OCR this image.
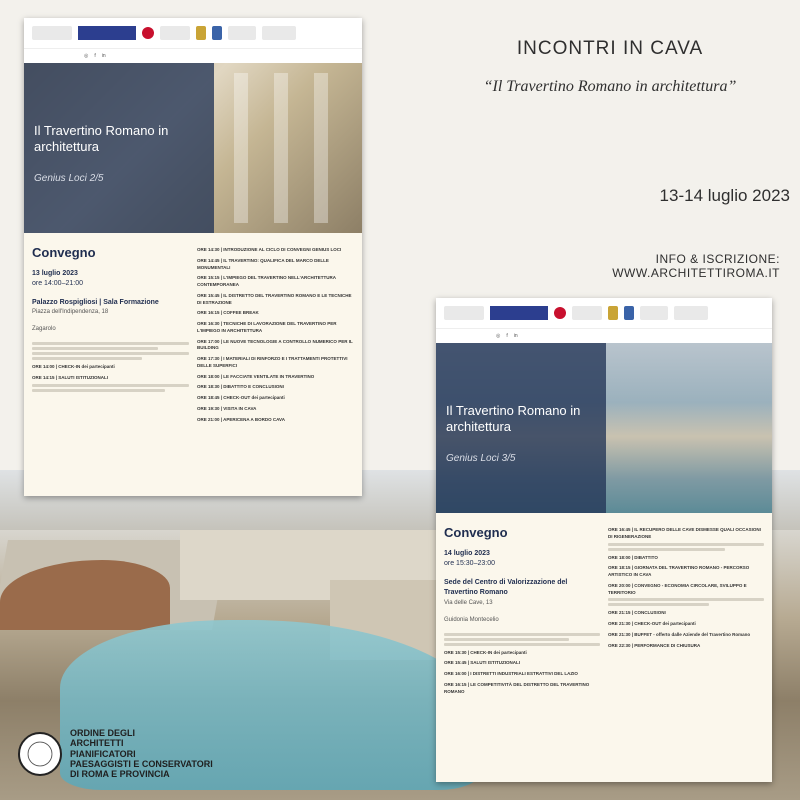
INCONTRI IN CAVA
“Il Travertino Romano in architettura”
13-14 luglio 2023
INFO & ISCRIZIONE: WWW.ARCHITETTIROMA.IT
◎ f in
Il Travertino Romano in architettura
Genius Loci 2/5
Convegno
13 luglio 2023
ore 14:00–21:00
Palazzo Rospigliosi | Sala Formazione
Piazza dell'Indipendenza, 18
Zagarolo
ORE 14:00 | CHECK-IN dei partecipanti
ORE 14:15 | SALUTI ISTITUZIONALI
ORE 14:30 | INTRODUZIONE AL CICLO DI CONVEGNI GENIUS LOCI
ORE 14:45 | IL TRAVERTINO: QUALIFICA DEL MARCO DELLE MONUMENTALI
ORE 15:15 | L'IMPIEGO DEL TRAVERTINO NELL'ARCHITETTURA CONTEMPORANEA
ORE 15:45 | IL DISTRETTO DEL TRAVERTINO ROMANO E LE TECNICHE DI ESTRAZIONE
ORE 16:15 | COFFEE BREAK
ORE 16:30 | TECNICHE DI LAVORAZIONE DEL TRAVERTINO PER L'IMPIEGO IN ARCHITETTURA
ORE 17:00 | LE NUOVE TECNOLOGIE A CONTROLLO NUMERICO PER IL BUILDING
ORE 17:30 | I MATERIALI DI RINFORZO E I TRATTAMENTI PROTETTIVI DELLE SUPERFICI
ORE 18:00 | LE FACCIATE VENTILATE IN TRAVERTINO
ORE 18:30 | DIBATTITO E CONCLUSIONI
ORE 18:45 | CHECK-OUT dei partecipanti
ORE 19:30 | VISITA IN CAVA
ORE 21:00 | APERICENA A BORDO CAVA
◎ f in
Il Travertino Romano in architettura
Genius Loci 3/5
Convegno
14 luglio 2023
ore 15:30–23:00
Sede del Centro di Valorizzazione del Travertino Romano
Via delle Cave, 13
Guidonia Montecelio
ORE 15:30 | CHECK-IN dei partecipanti
ORE 15:45 | SALUTI ISTITUZIONALI
ORE 16:00 | I DISTRETTI INDUSTRIALI ESTRATTIVI DEL LAZIO
ORE 16:15 | LE COMPETITIVITÀ DEL DISTRETTO DEL TRAVERTINO ROMANO
ORE 16:45 | IL RECUPERO DELLE CAVE DISMESSE QUALI OCCASIONI DI RIGENERAZIONE
ORE 18:00 | DIBATTITO
ORE 18:15 | GIORNATA DEL TRAVERTINO ROMANO - PERCORSO ARTISTICO IN CAVA
ORE 20:00 | CONVEGNO - ECONOMIA CIRCOLARE, SVILUPPO E TERRITORIO
ORE 21:15 | CONCLUSIONI
ORE 21:30 | CHECK-OUT dei partecipanti
ORE 21:30 | BUFFET - offerto dalle Aziende del Travertino Romano
ORE 22:30 | PERFORMANCE DI CHIUSURA
ORDINE DEGLI
ARCHITETTI
PIANIFICATORI
PAESAGGISTI E CONSERVATORI
DI ROMA E PROVINCIA
